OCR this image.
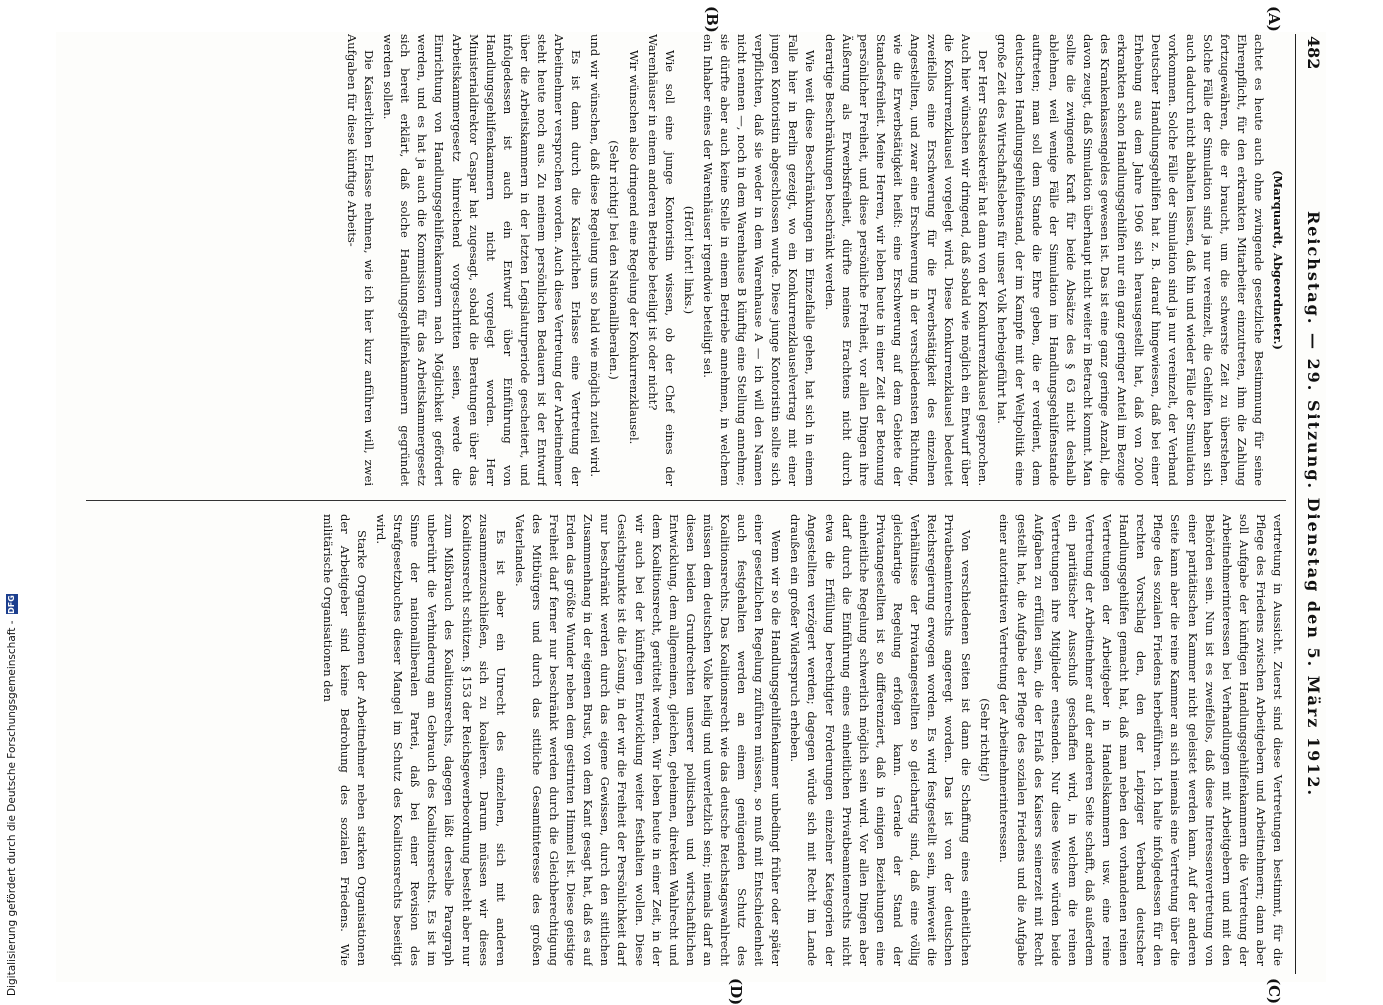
482
Reichstag. — 29. Sitzung. Dienstag den 5. März 1912.
(A)
(B)
(C)
(D)

(Marquardt, Abgeordneter.)

achtet es heute auch ohne zwingende gesetzliche Bestimmung für seine Ehrenpflicht, für den erkrankten Mitarbeiter einzutreten, ihm die Zahlung fortzugewähren, die er braucht, um die schwerste Zeit zu überstehen. Solche Fälle der Simulation sind ja nur vereinzelt, die Gehilfen haben sich auch dadurch nicht abhalten lassen, daß hin und wieder Fälle der Simulation vorkommen. Solche Fälle der Simulation sind ja nur vereinzelt, der Verband Deutscher Handlungsgehilfen hat z. B. darauf hingewiesen, daß bei einer Erhebung aus dem Jahre 1906 sich herausgestellt hat, daß von 2000 erkrankten schon Handlungsgehilfen nur ein ganz geringer Anteil im Bezuge des Krankenkassengeldes gewesen ist. Das ist eine ganz geringe Anzahl, die davon zeugt, daß Simulation überhaupt nicht weiter in Betracht kommt. Man sollte die zwingende Kraft für beide Absätze des § 63 nicht deshalb ablehnen, weil wenige Fälle der Simulation im Handlungsgehilfenstande auftreten; man soll dem Stande die Ehre geben, die er verdient, dem deutschen Handlungsgehilfenstand, der im Kampfe mit der Weltpolitik eine große Zeit des Wirtschaftslebens für unser Volk herbeigeführt hat.

Der Herr Staatssekretär hat dann von der Konkurrenzklausel gesprochen. Auch hier wünschen wir dringend, daß sobald wie möglich ein Entwurf über die Konkurrenzklausel vorgelegt wird. Diese Konkurrenzklausel bedeutet zweifellos eine Erschwerung für die Erwerbstätigkeit des einzelnen Angestellten, und zwar eine Erschwerung in der verschiedensten Richtung, wie die Erwerbstätigkeit heißt: eine Erschwerung auf dem Gebiete der Standesfreiheit. Meine Herren, wir leben heute in einer Zeit der Betonung persönlicher Freiheit, und diese persönliche Freiheit, vor allen Dingen ihre Äußerung als Erwerbsfreiheit, dürfte meines Erachtens nicht durch derartige Beschränkungen beschränkt werden.

Wie weit diese Beschränkungen im Einzelfalle gehen, hat sich in einem Falle hier in Berlin gezeigt, wo ein Konkurrenzklauselvertrag mit einer jungen Kontoristin abgeschlossen wurde. Diese junge Kontoristin sollte sich verpflichten, daß sie weder in dem Warenhause A — ich will den Namen nicht nennen —, noch in dem Warenhause B künftig eine Stellung annehme; sie dürfte aber auch keine Stelle in einem Betriebe annehmen, in welchem ein Inhaber eines der Warenhäuser irgendwie beteiligt sei.

(Hört! hört! links.)

Wie soll eine junge Kontoristin wissen, ob der Chef eines der Warenhäuser in einem anderen Betriebe beteiligt ist oder nicht?

Wir wünschen also dringend eine Regelung der Konkurrenzklausel.

(Sehr richtig! bei den Nationalliberalen.)

und wir wünschen, daß diese Regelung uns so bald wie möglich zuteil wird.

Es ist dann durch die Kaiserlichen Erlasse eine Vertretung der Arbeitnehmer versprochen worden. Auch diese Vertretung der Arbeitnehmer steht heute noch aus. Zu meinem persönlichen Bedauern ist der Entwurf über die Arbeitskammern in der letzten Legislaturperiode gescheitert, und infolgedessen ist auch ein Entwurf über Einführung von Handlungsgehilfenkammern nicht vorgelegt worden. Herr Ministerialdirektor Caspar hat zugesagt, sobald die Beratungen über das Arbeitskammergesetz hinreichend vorgeschritten seien, werde die Einrichtung von Handlungsgehilfenkammern nach Möglichkeit gefördert werden, und es hat ja auch die Kommission für das Arbeitskammergesetz sich bereit erklärt, daß solche Handlungsgehilfenkammern gegründet werden sollen.

Die Kaiserlichen Erlasse nehmen, wie ich hier kurz anführen will, zwei Aufgaben für diese künftige Arbeits-

vertretung in Aussicht. Zuerst sind diese Vertretungen bestimmt, für die Pflege des Friedens zwischen Arbeitgebern und Arbeitnehmern; dann aber soll Aufgabe der künftigen Handlungsgehilfenkammern die Vertretung der Arbeitnehmerinteressen bei Verhandlungen mit Arbeitgebern und mit den Behörden sein. Nun ist es zweifellos, daß diese Interessenvertretung von einer paritätischen Kammer nicht geleistet werden kann. Auf der anderen Seite kann aber die reine Kammer an sich niemals eine Vertretung über die Pflege des sozialen Friedens herbeiführen. Ich halte infolgedessen für den rechten Vorschlag den, den der Leipziger Verband deutscher Handlungsgehilfen gemacht hat, daß man neben den vorhandenen reinen Vertretungen der Arbeitgeber in Handelskammern usw. eine reine Vertretung der Arbeitnehmer auf der anderen Seite schafft, daß außerdem ein paritätischer Ausschuß geschaffen wird, in welchem die reinen Vertretungen ihre Mitglieder entsenden. Nur diese Weise würden beide Aufgaben zu erfüllen sein, die der Erlaß des Kaisers seinerzeit mit Recht gestellt hat, die Aufgabe der Pflege des sozialen Friedens und die Aufgabe einer autoritativen Vertretung der Arbeitnehmerinteressen.

(Sehr richtig!)

Von verschiedenen Seiten ist dann die Schaffung eines einheitlichen Privatbeamtenrechts angeregt worden. Das ist von der deutschen Reichsregierung erwogen worden. Es wird festgestellt sein, inwieweit die Verhältnisse der Privatangestellten so gleichartig sind, daß eine völlig gleichartige Regelung erfolgen kann. Gerade der Stand der Privatangestellten ist so differenziert, daß in einigen Beziehungen eine einheitliche Regelung schwerlich möglich sein wird. Vor allen Dingen aber darf durch die Einführung eines einheitlichen Privatbeamtenrechts nicht etwa die Erfüllung berechtigter Forderungen einzelner Kategorien der Angestellten verzögert werden; dagegen würde sich mit Recht im Lande draußen ein großer Widerspruch erheben.

Wenn wir so die Handlungsgehilfenkammer unbedingt früher oder später einer gesetzlichen Regelung zuführen müssen, so muß mit Entschiedenheit auch festgehalten werden an einem genügenden Schutz des Koalitionsrechts. Das Koalitionsrecht wie das deutsche Reichstagswahlrecht müssen dem deutschen Volke heilig und unverletzlich sein; niemals darf an diesen beiden Grundrechten unserer politischen und wirtschaftlichen Entwicklung, dem allgemeinen, gleichen, geheimen, direkten Wahlrecht und dem Koalitionsrecht, gerüttelt werden. Wir leben heute in einer Zeit, in der wir auch bei der künftigen Entwicklung weiter festhalten wollen. Diese Gesichtspunkte ist die Lösung, in der wir die Freiheit der Persönlichkeit darf nur beschränkt werden durch das eigene Gewissen, durch den sittlichen Zusammenhang in der eigenen Brust, von dem Kant gesagt hat, daß es auf Erden das größte Wunder neben dem gestirnten Himmel ist. Diese geistige Freiheit darf ferner nur beschränkt werden durch die Gleichberechtigung des Mitbürgers und durch das sittliche Gesamtinteresse des großen Vaterlandes.

Es ist aber ein Unrecht des einzelnen, sich mit anderen zusammenzuschließen, sich zu koalieren. Darum müssen wir dieses Koalitionsrecht schützen. § 153 der Reichsgewerbeordnung besteht aber nur zum Mißbrauch des Koalitionsrechts, dagegen läßt derselbe Paragraph unberührt die Verhinderung am Gebrauch des Koalitionsrechts. Es ist im Sinne der nationalliberalen Partei, daß bei einer Revision des Strafgesetzbuches dieser Mangel im Schutz des Koalitionsrechts beseitigt wird.

Starke Organisationen der Arbeitnehmer neben starken Organisationen der Arbeitgeber sind keine Bedrohung des sozialen Friedens. Wie militärische Organisationen den

Digitalisierung gefördert durch die Deutsche Forschungsgemeinschaft -
DFG
